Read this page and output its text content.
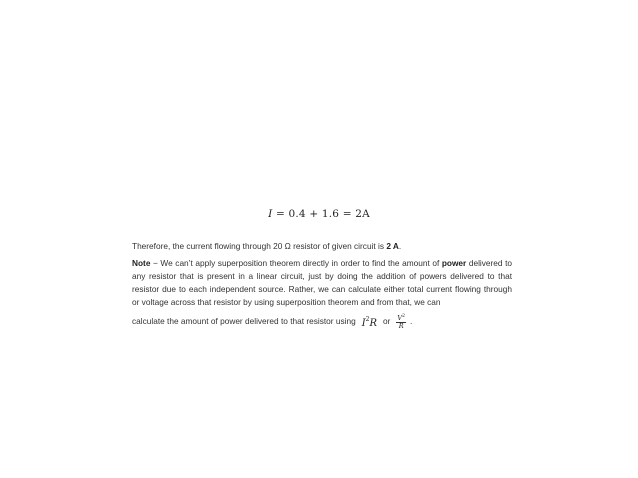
I = 0.4 + 1.6 = 2A

Therefore, the current flowing through 20 Ω resistor of given circuit is 2 A.

Note − We can’t apply superposition theorem directly in order to find the amount of power delivered to any resistor that is present in a linear circuit, just by doing the addition of powers delivered to that resistor due to each independent source. Rather, we can calculate either total current flowing through or voltage across that resistor by using superposition theorem and from that, we can

calculate the amount of power delivered to that resistor using $I^2R$ or $\frac{V^2}{R}$ .
